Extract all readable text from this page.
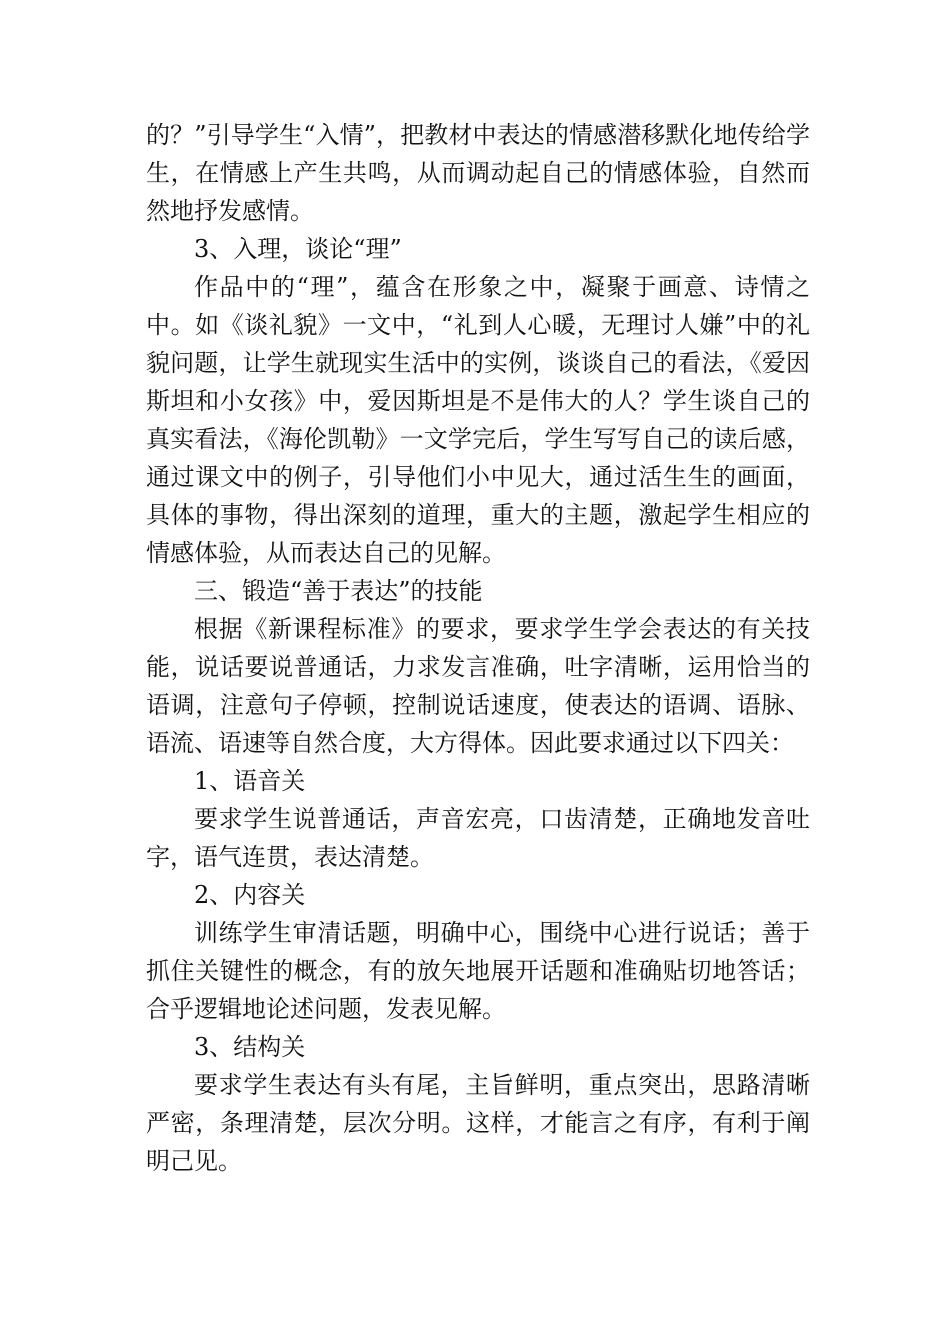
的？”引导学生“入情”，把教材中表达的情感潜移默化地传给学生，在情感上产生共鸣，从而调动起自己的情感体验，自然而然地抒发感情。

3、入理，谈论“理”

作品中的“理”，蕴含在形象之中，凝聚于画意、诗情之中。如《谈礼貌》一文中，“礼到人心暖，无理讨人嫌”中的礼貌问题，让学生就现实生活中的实例，谈谈自己的看法，《爱因斯坦和小女孩》中，爱因斯坦是不是伟大的人？学生谈自己的真实看法，《海伦凯勒》一文学完后，学生写写自己的读后感，通过课文中的例子，引导他们小中见大，通过活生生的画面，具体的事物，得出深刻的道理，重大的主题，激起学生相应的情感体验，从而表达自己的见解。

三、锻造“善于表达”的技能

根据《新课程标准》的要求，要求学生学会表达的有关技能，说话要说普通话，力求发言准确，吐字清晰，运用恰当的语调，注意句子停顿，控制说话速度，使表达的语调、语脉、语流、语速等自然合度，大方得体。因此要求通过以下四关：

1、语音关

要求学生说普通话，声音宏亮，口齿清楚，正确地发音吐字，语气连贯，表达清楚。

2、内容关

训练学生审清话题，明确中心，围绕中心进行说话；善于抓住关键性的概念，有的放矢地展开话题和准确贴切地答话；合乎逻辑地论述问题，发表见解。

3、结构关

要求学生表达有头有尾，主旨鲜明，重点突出，思路清晰严密，条理清楚，层次分明。这样，才能言之有序，有利于阐明己见。
